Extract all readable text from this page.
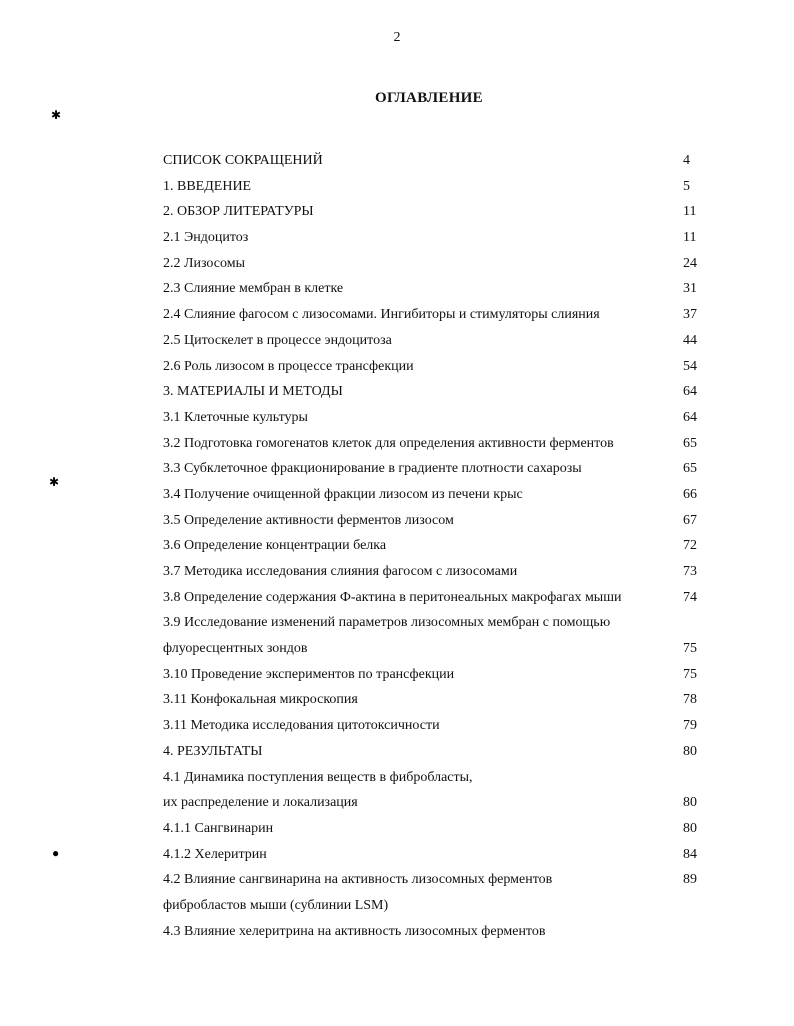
2
ОГЛАВЛЕНИЕ
✱
✱
●
СПИСОК СОКРАЩЕНИЙ	4
1. ВВЕДЕНИЕ	5
2. ОБЗОР ЛИТЕРАТУРЫ	11
2.1 Эндоцитоз	11
2.2 Лизосомы	24
2.3 Слияние мембран в клетке	31
2.4 Слияние фагосом с лизосомами. Ингибиторы и стимуляторы слияния	37
2.5 Цитоскелет в процессе эндоцитоза	44
2.6 Роль лизосом в процессе трансфекции	54
3. МАТЕРИАЛЫ И МЕТОДЫ	64
3.1 Клеточные культуры	64
3.2 Подготовка гомогенатов клеток для определения активности ферментов	65
3.3 Субклеточное фракционирование в градиенте плотности сахарозы	65
3.4 Получение очищенной фракции лизосом из печени крыс	66
3.5 Определение активности ферментов лизосом	67
3.6 Определение концентрации белка	72
3.7 Методика исследования слияния фагосом с лизосомами	73
3.8 Определение содержания Ф-актина в перитонеальных макрофагах мыши	74
3.9 Исследование изменений параметров лизосомных мембран с помощью
флуоресцентных зондов	75
3.10 Проведение экспериментов по трансфекции	75
3.11 Конфокальная микроскопия	78
3.11 Методика исследования цитотоксичности	79
4. РЕЗУЛЬТАТЫ	80
4.1 Динамика поступления веществ в фибробласты,
их распределение и локализация	80
4.1.1 Сангвинарин	80
4.1.2 Хелеритрин	84
4.2 Влияние сангвинарина на активность лизосомных ферментов	89
фибробластов мыши (сублинии LSM)
4.3 Влияние хелеритрина на активность лизосомных ферментов
